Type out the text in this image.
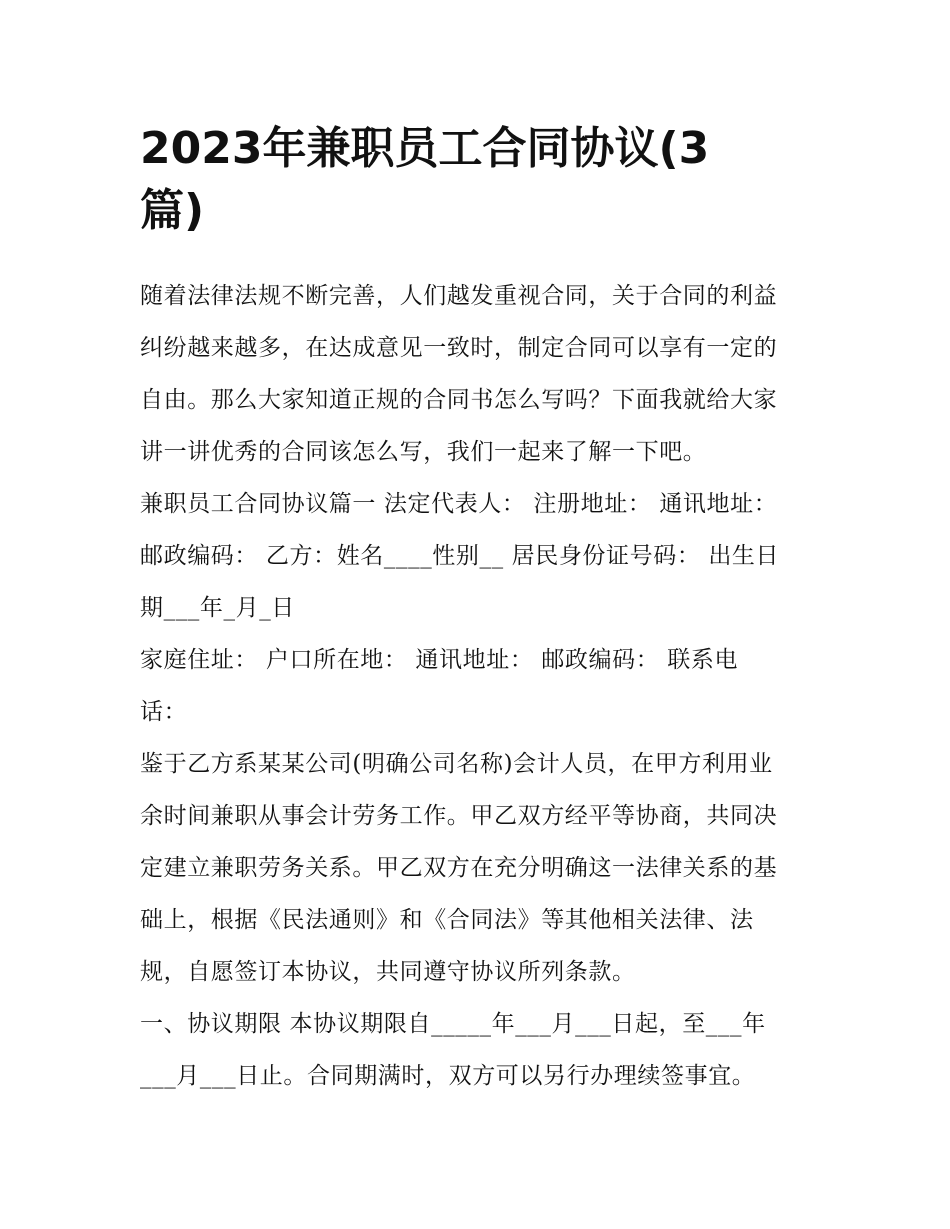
2023年兼职员工合同协议(3
篇)

随着法律法规不断完善，人们越发重视合同，关于合同的利益
纠纷越来越多，在达成意见一致时，制定合同可以享有一定的
自由。那么大家知道正规的合同书怎么写吗？下面我就给大家
讲一讲优秀的合同该怎么写，我们一起来了解一下吧。

兼职员工合同协议篇一 法定代表人： 注册地址： 通讯地址：
邮政编码： 乙方：姓名____性别__ 居民身份证号码： 出生日
期___年_月_日

家庭住址： 户口所在地： 通讯地址： 邮政编码： 联系电
话：

鉴于乙方系某某公司(明确公司名称)会计人员，在甲方利用业
余时间兼职从事会计劳务工作。甲乙双方经平等协商，共同决
定建立兼职劳务关系。甲乙双方在充分明确这一法律关系的基
础上，根据《民法通则》和《合同法》等其他相关法律、法
规，自愿签订本协议，共同遵守协议所列条款。

一、协议期限 本协议期限自_____年___月___日起，至___年
___月___日止。合同期满时，双方可以另行办理续签事宜。
